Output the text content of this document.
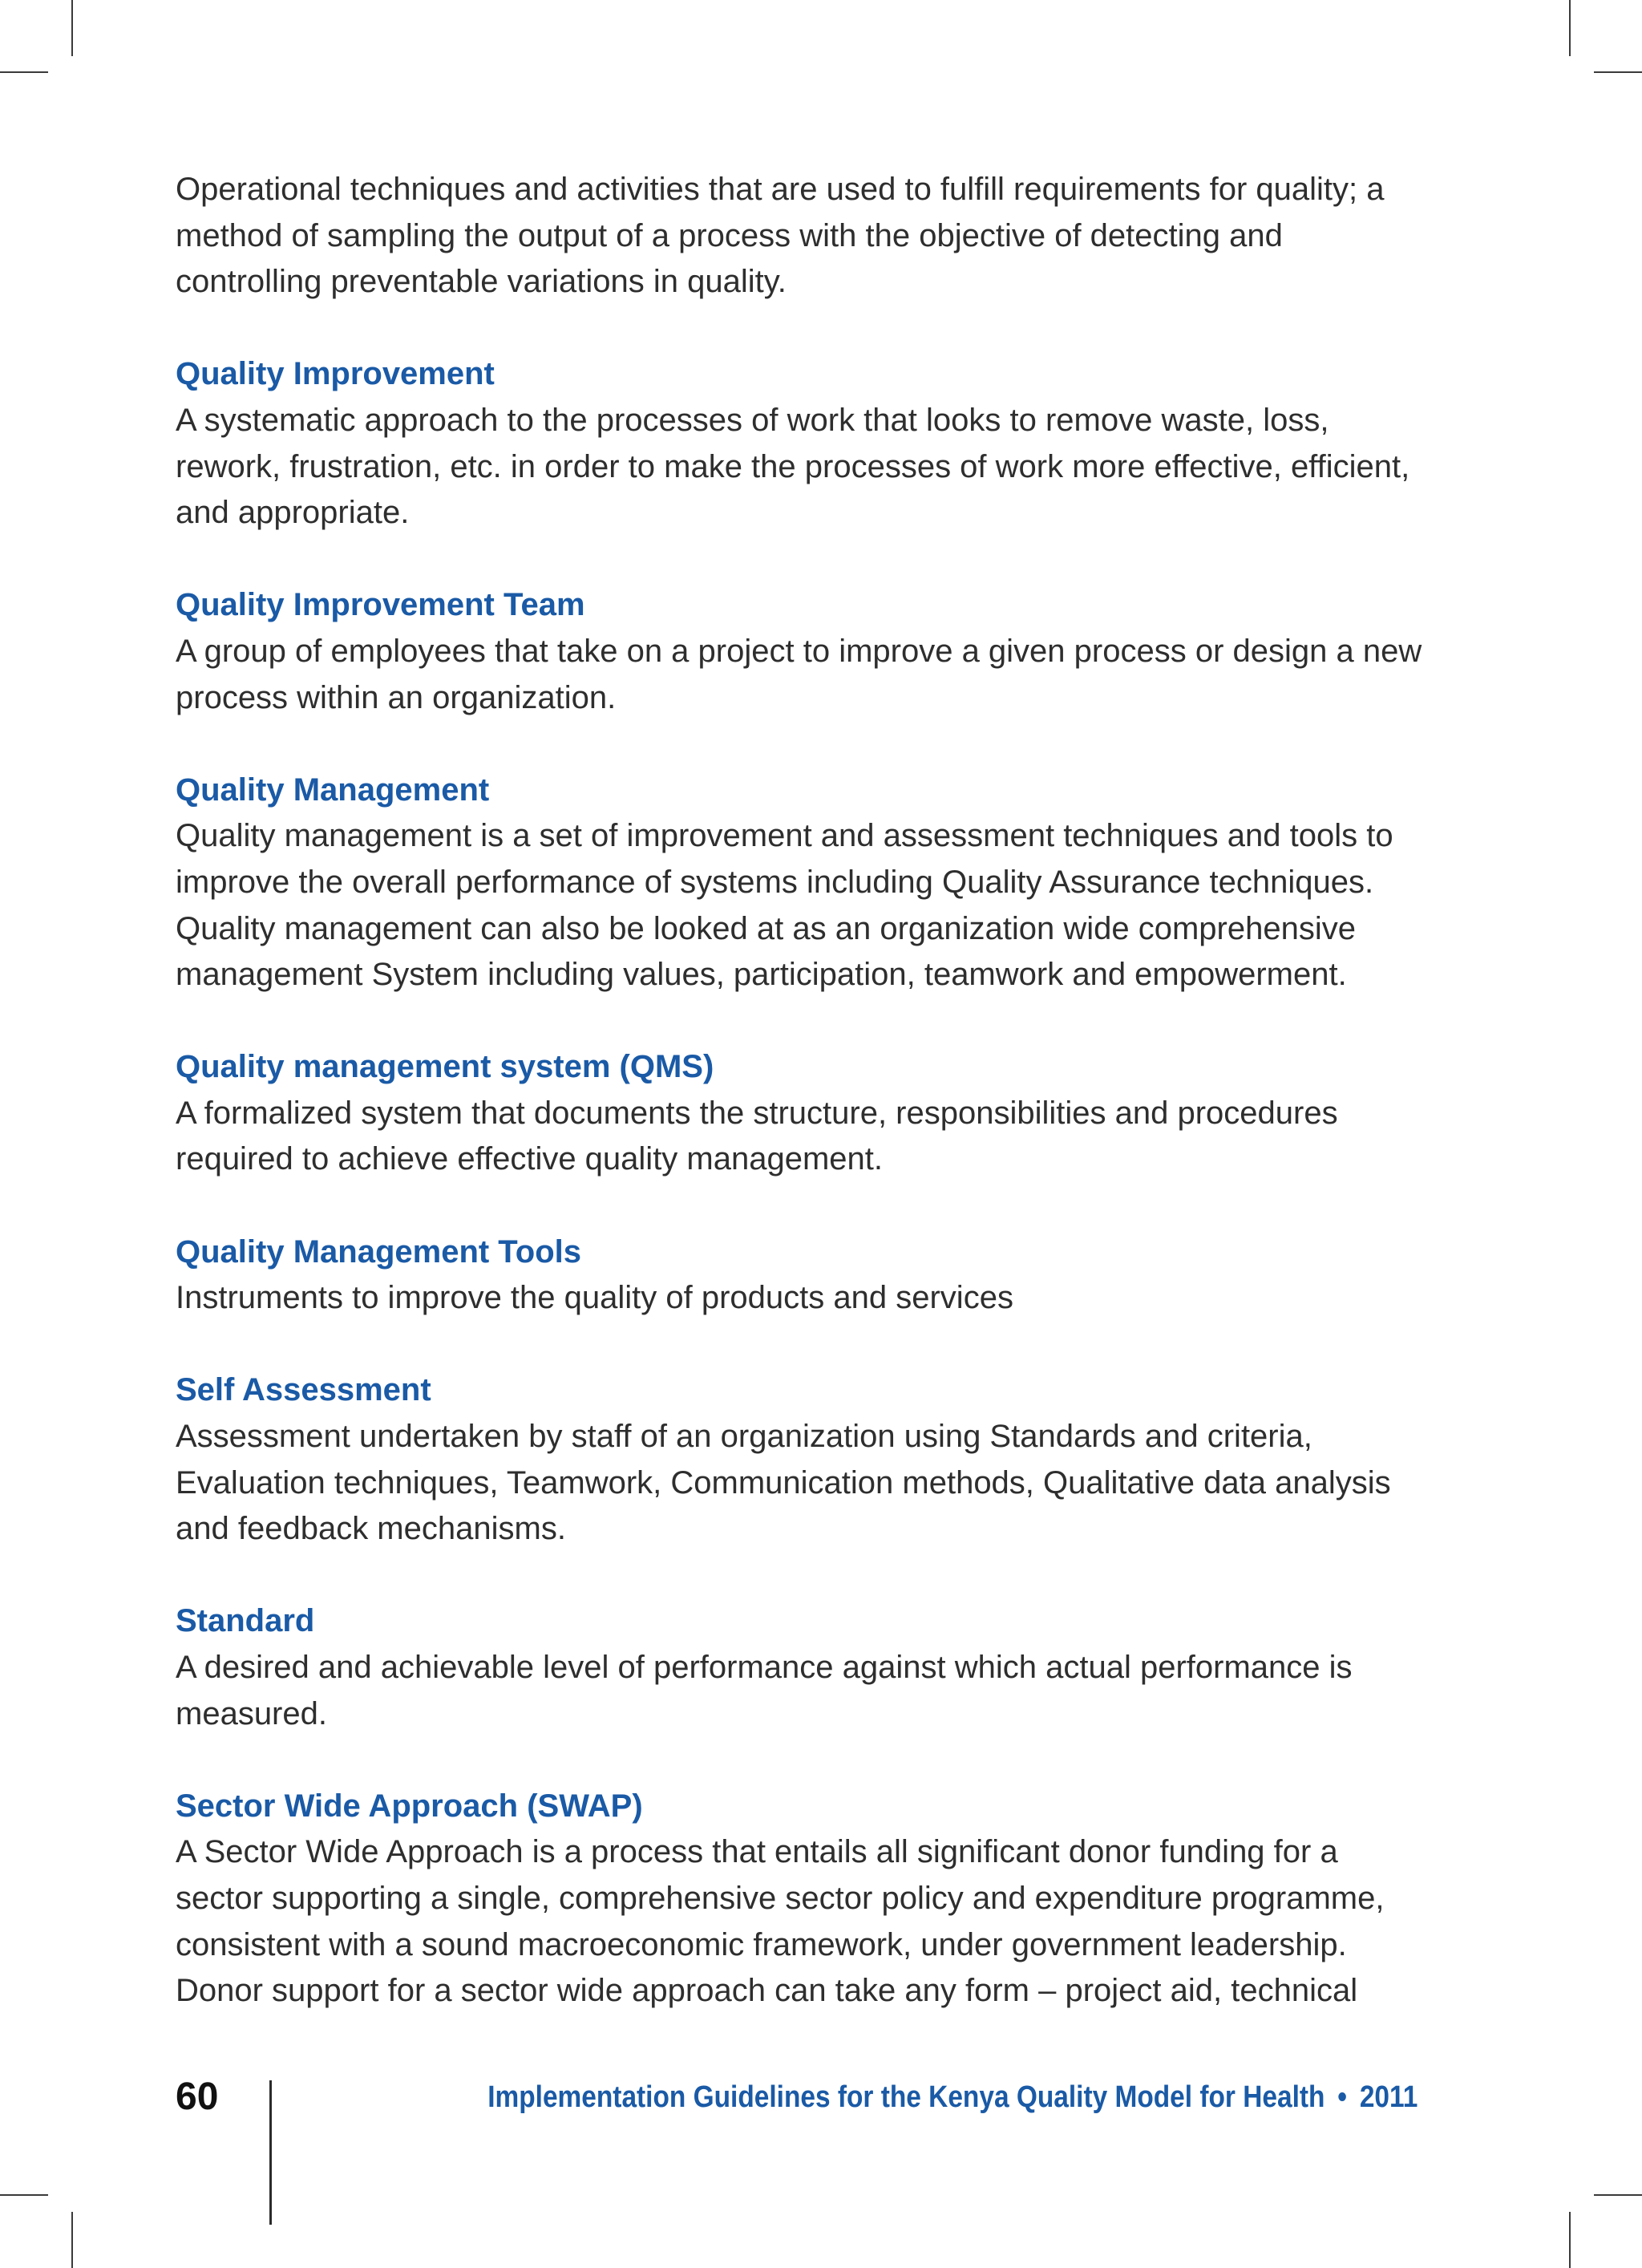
Operational techniques and activities that are used to fulfill requirements for quality; a method of sampling the output of a process with the objective of detecting and controlling preventable variations in quality.

Quality Improvement

A systematic approach to the processes of work that looks to remove waste, loss, rework, frustration, etc. in order to make the processes of work more effective, efficient, and appropriate.

Quality Improvement Team

A group of employees that take on a project to improve a given process or design a new process within an organization.

Quality Management

Quality management is a set of improvement and assessment techniques and tools to improve the overall performance of systems including Quality Assurance techniques. Quality management can also be looked at as an organization wide comprehensive management System including values, participation, teamwork and empowerment.

Quality management system (QMS)

A formalized system that documents the structure, responsibilities and procedures required to achieve effective quality management.

Quality Management Tools

Instruments to improve the quality of products and services

Self Assessment

Assessment undertaken by staff of an organization using Standards and criteria, Evaluation techniques, Teamwork, Communication methods, Qualitative data analysis and feedback mechanisms.

Standard

A desired and achievable level of performance against which actual performance is measured.

Sector Wide Approach (SWAP)

A Sector Wide Approach is a process that entails all significant donor funding for a sector supporting a single, comprehensive sector policy and expenditure programme, consistent with a sound macroeconomic framework, under government leadership. Donor support for a sector wide approach can take any form – project aid, technical

60	Implementation Guidelines for the Kenya Quality Model for Health • 2011
